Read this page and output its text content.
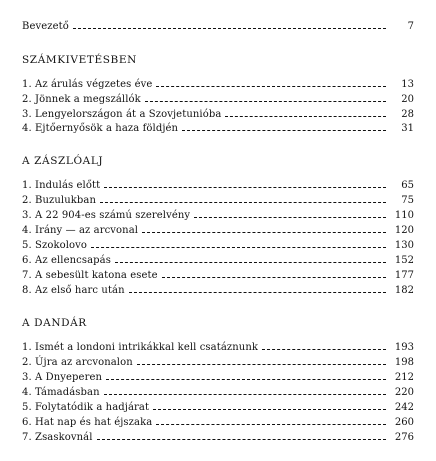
Bevezető	7
SZÁMKIVETÉSBEN
1. Az árulás végzetes éve	13
2. Jönnek a megszállók	20
3. Lengyelországon át a Szovjetunióba	28
4. Ejtőernyősök a haza földjén	31
A ZÁSZLÓALJ
1. Indulás előtt	65
2. Buzulukban	75
3. A 22 904-es számú szerelvény	110
4. Irány — az arcvonal	120
5. Szokolovo	130
6. Az ellencsapás	152
7. A sebesült katona esete	177
8. Az első harc után	182
A DANDÁR
1. Ismét a londoni intrikákkal kell csatáznunk	193
2. Újra az arcvonalon	198
3. A Dnyeperen	212
4. Támadásban	220
5. Folytatódik a hadjárat	242
6. Hat nap és hat éjszaka	260
7. Zsaskovnál	276
